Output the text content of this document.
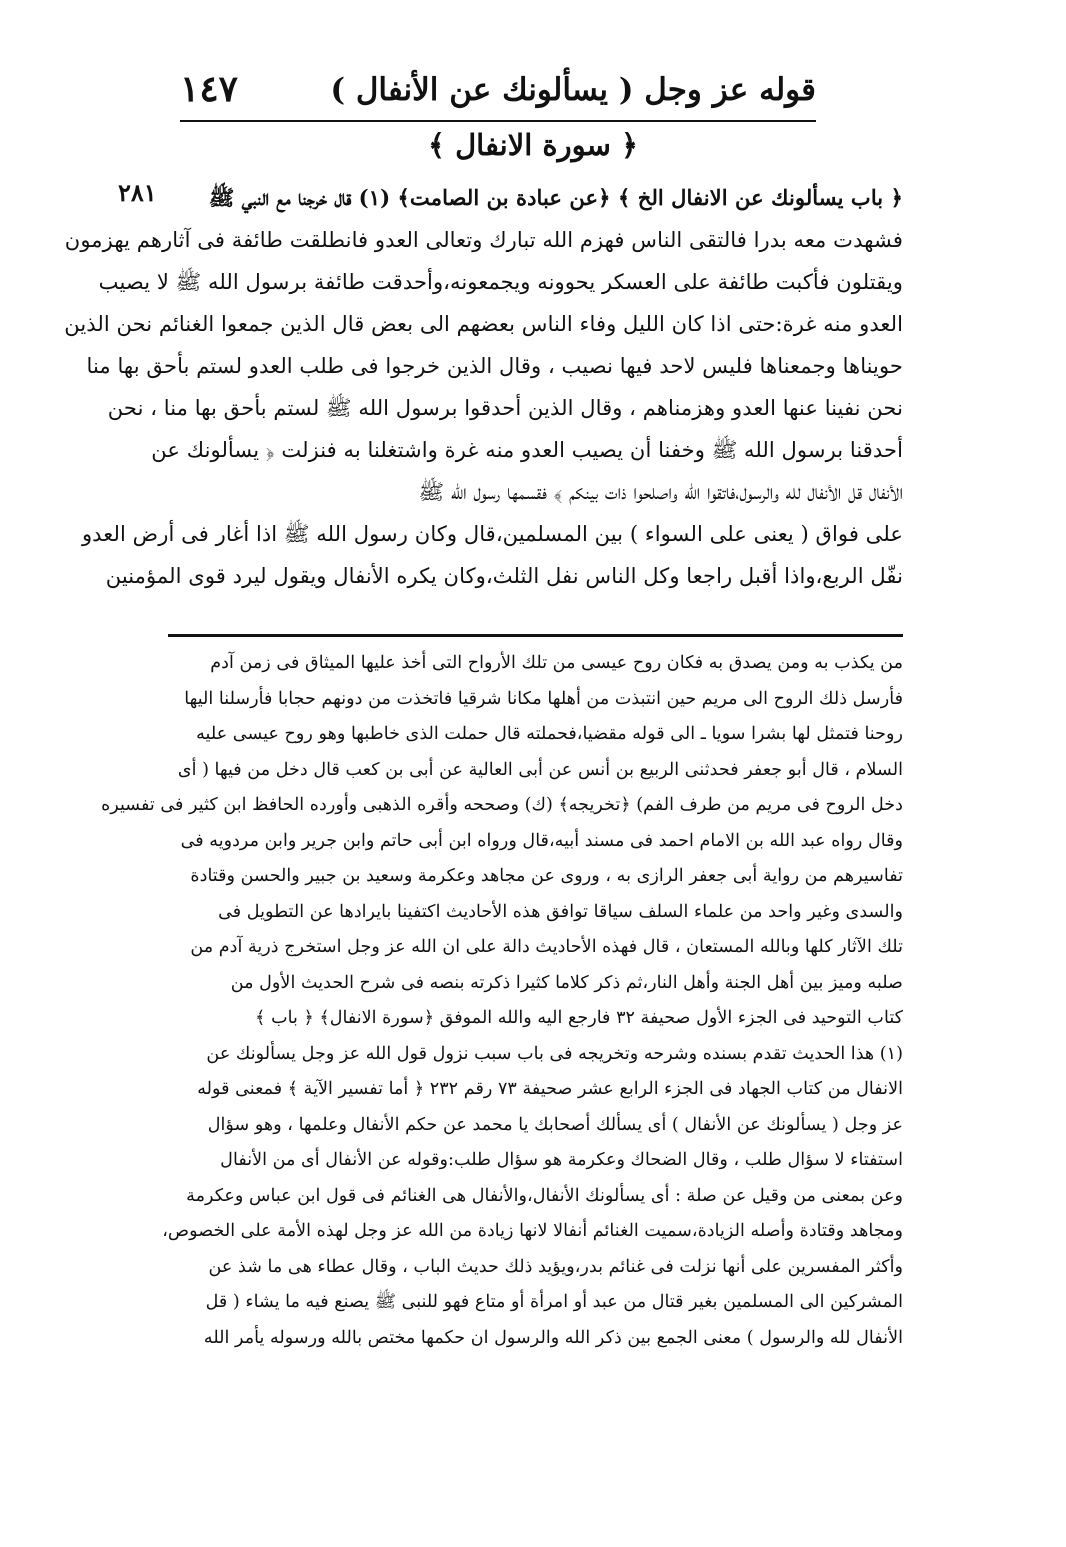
قوله عز وجل ( يسألونك عن الأنفال )
١٤٧
﴿ سورة الانفال ﴾
٢٨١	﴿ باب يسألونك عن الانفال الخ ﴾ ﴿عن عبادة بن الصامت﴾ (١) قال خرجنا مع النبي ﷺ
فشهدت معه بدرا فالتقى الناس فهزم الله تبارك وتعالى العدو فانطلقت طائفة فى آثارهم يهزمون
ويقتلون فأكبت طائفة على العسكر يحوونه ويجمعونه،وأحدقت طائفة برسول الله ﷺ لا يصيب
العدو منه غرة:حتى اذا كان الليل وفاء الناس بعضهم الى بعض قال الذين جمعوا الغنائم نحن الذين
حويناها وجمعناها فليس لاحد فيها نصيب ، وقال الذين خرجوا فى طلب العدو لستم بأحق بها منا
نحن نفينا عنها العدو وهزمناهم ، وقال الذين أحدقوا برسول الله ﷺ لستم بأحق بها منا ، نحن
أحدقنا برسول الله ﷺ وخفنا أن يصيب العدو منه غرة واشتغلنا به فنزلت ﴿ يسألونك عن
الأنفال قل الأنفال لله والرسول،فاتقوا الله واصلحوا ذات بينكم ﴾ فقسمها رسول الله ﷺ
على فواق ( يعنى على السواء ) بين المسلمين،قال وكان رسول الله ﷺ اذا أغار فى أرض العدو
نفّل الربع،واذا أقبل راجعا وكل الناس نفل الثلث،وكان يكره الأنفال ويقول ليرد قوى المؤمنين
من يكذب به ومن يصدق به فكان روح عيسى من تلك الأرواح التى أخذ عليها الميثاق فى زمن آدم
فأرسل ذلك الروح الى مريم حين انتبذت من أهلها مكانا شرقيا فاتخذت من دونهم حجابا فأرسلنا اليها
روحنا فتمثل لها بشرا سويا ـ الى قوله مقضيا،فحملته قال حملت الذى خاطبها وهو روح عيسى عليه
السلام ، قال أبو جعفر فحدثنى الربيع بن أنس عن أبى العالية عن أبى بن كعب قال دخل من فيها ( أى
دخل الروح فى مريم من طرف الفم) ﴿تخريجه﴾ (ك) وصححه وأقره الذهبى وأورده الحافظ ابن كثير فى تفسيره
وقال رواه عبد الله بن الامام احمد فى مسند أبيه،قال ورواه ابن أبى حاتم وابن جرير وابن مردويه فى
تفاسيرهم من رواية أبى جعفر الرازى به ، وروى عن مجاهد وعكرمة وسعيد بن جبير والحسن وقتادة
والسدى وغير واحد من علماء السلف سياقا توافق هذه الأحاديث اكتفينا بايرادها عن التطويل فى
تلك الآثار كلها وبالله المستعان ، قال فهذه الأحاديث دالة على ان الله عز وجل استخرج ذرية آدم من
صلبه وميز بين أهل الجنة وأهل النار،ثم ذكر كلاما كثيرا ذكرته بنصه فى شرح الحديث الأول من
كتاب التوحيد فى الجزء الأول صحيفة ٣٢ فارجع اليه والله الموفق ﴿سورة الانفال﴾ ﴿ باب ﴾
(١) هذا الحديث تقدم بسنده وشرحه وتخريجه فى باب سبب نزول قول الله عز وجل يسألونك عن
الانفال من كتاب الجهاد فى الجزء الرابع عشر صحيفة ٧٣ رقم ٢٣٢ ﴿ أما تفسير الآية ﴾ فمعنى قوله
عز وجل ( يسألونك عن الأنفال ) أى يسألك أصحابك يا محمد عن حكم الأنفال وعلمها ، وهو سؤال
استفتاء لا سؤال طلب ، وقال الضحاك وعكرمة هو سؤال طلب:وقوله عن الأنفال أى من الأنفال
وعن بمعنى من وقيل عن صلة : أى يسألونك الأنفال،والأنفال هى الغنائم فى قول ابن عباس وعكرمة
ومجاهد وقتادة وأصله الزيادة،سميت الغنائم أنفالا لانها زيادة من الله عز وجل لهذه الأمة على الخصوص،
وأكثر المفسرين على أنها نزلت فى غنائم بدر،ويؤيد ذلك حديث الباب ، وقال عطاء هى ما شذ عن
المشركين الى المسلمين بغير قتال من عبد أو امرأة أو متاع فهو للنبى ﷺ يصنع فيه ما يشاء ( قل
الأنفال لله والرسول ) معنى الجمع بين ذكر الله والرسول ان حكمها مختص بالله ورسوله يأمر الله
